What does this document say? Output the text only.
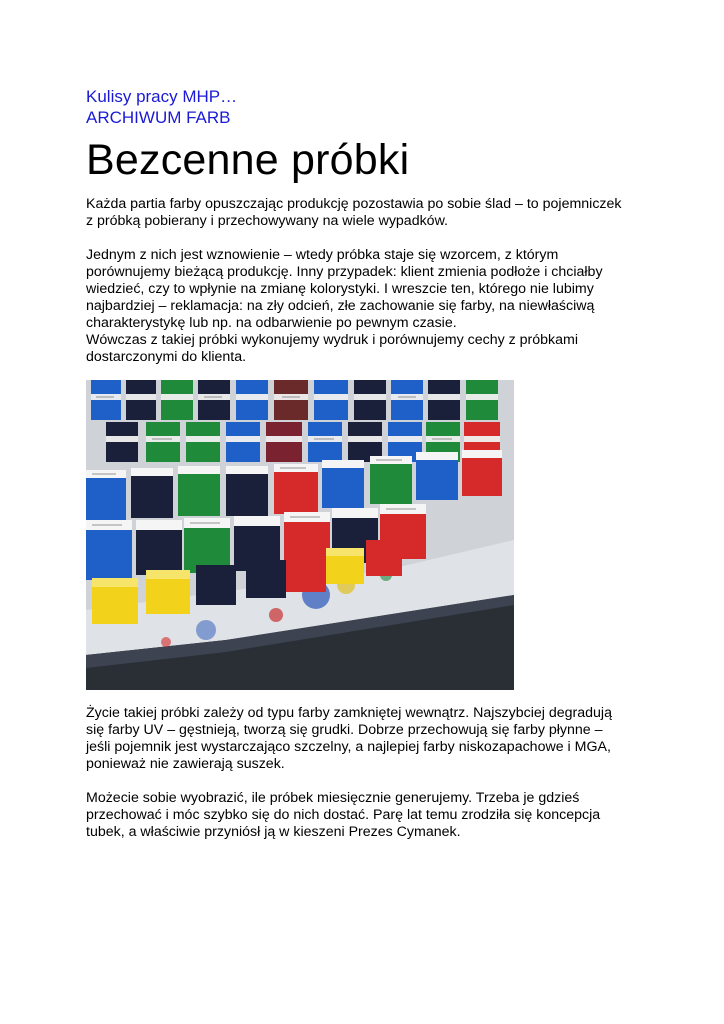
Kulisy pracy MHP…

ARCHIWUM FARB

Bezcenne próbki

Każda partia farby opuszczając produkcję pozostawia po sobie ślad – to pojemniczek
z próbką pobierany i przechowywany na wiele wypadków.

Jednym z nich jest wznowienie – wtedy próbka staje się wzorcem, z którym
porównujemy bieżącą produkcję. Inny przypadek: klient zmienia podłoże i chciałby
wiedzieć, czy to wpłynie na zmianę kolorystyki. I wreszcie ten, którego nie lubimy
najbardziej – reklamacja: na zły odcień, złe zachowanie się farby, na niewłaściwą
charakterystykę lub np. na odbarwienie po pewnym czasie.
Wówczas z takiej próbki wykonujemy wydruk i porównujemy cechy z próbkami
dostarczonymi do klienta.

Życie takiej próbki zależy od typu farby zamkniętej wewnątrz. Najszybciej degradują
się farby UV – gęstnieją, tworzą się grudki. Dobrze przechowują się farby płynne –
jeśli pojemnik jest wystarczająco szczelny, a najlepiej farby niskozapachowe i MGA,
ponieważ nie zawierają suszek.

Możecie sobie wyobrazić, ile próbek miesięcznie generujemy. Trzeba je gdzieś
przechować i móc szybko się do nich dostać. Parę lat temu zrodziła się koncepcja
tubek, a właściwie przyniósł ją w kieszeni Prezes Cymanek.
